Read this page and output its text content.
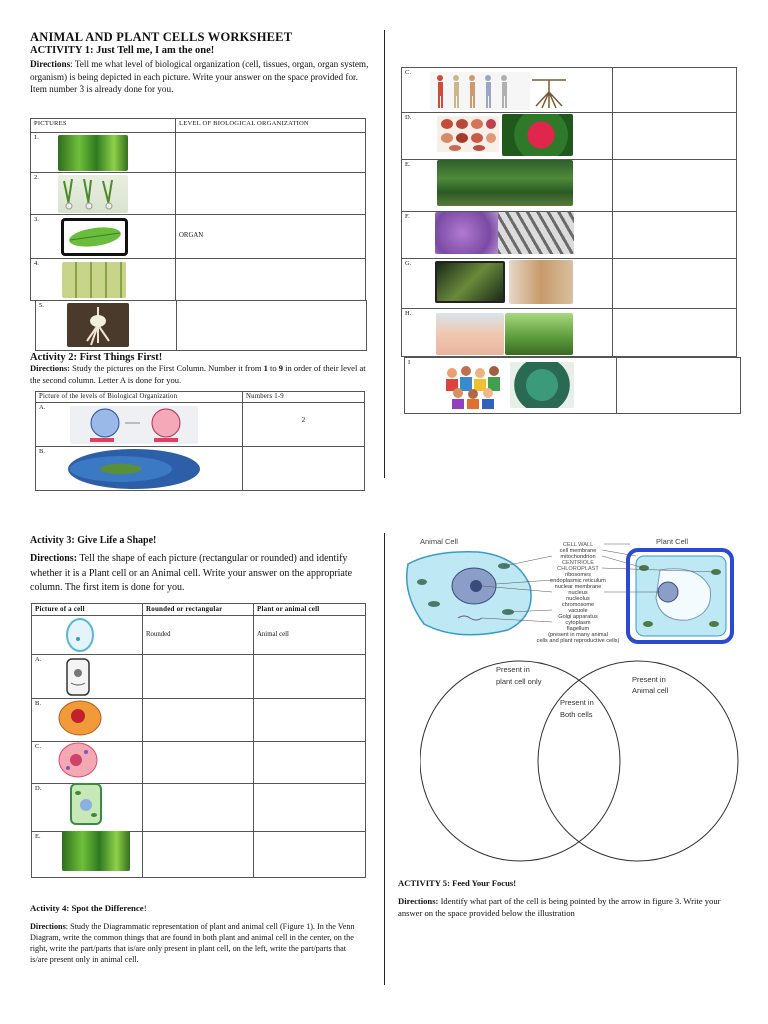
ANIMAL AND PLANT CELLS WORKSHEET
ACTIVITY 1: Just Tell me, I am the one!
Directions: Tell me what level of biological organization (cell, tissues, organ, organ system, organism) is being depicted in each picture. Write your answer on the space provided for. Item number 3 is already done for you.
PICTURES	LEVEL OF BIOLOGICAL ORGANIZATION

1.	

2.	

3.	ORGAN

4.	

5.

Activity 2: First Things First!
Directions: Study the pictures on the First Column. Number it from 1 to 9 in order of their level at the second column. Letter A is done for you.
Picture of the levels of Biological Organization	Numbers 1-9

A.	2

B.	

C.	

D.	

E.	

F.	

G.	

H.	

I

Activity 3: Give Life a Shape!
Directions: Tell the shape of each picture (rectangular or rounded) and identify whether it is a Plant cell or an Animal cell. Write your answer on the appropriate column. The first item is done for you.
Picture of a cell	Rounded or rectangular	Plant or animal cell

	Rounded	Animal cell

A.		

B.		

C.		

D.		

E.		

Activity 4: Spot the Difference!
Directions: Study the Diagrammatic representation of plant and animal cell (Figure 1). In the Venn Diagram, write the common things that are found in both plant and animal cell in the center, on the right, write the part/parts that is/are only present in plant cell, on the left, write the part/parts that is/are present only in animal cell.
Animal Cell	Plant Cell
CELL WALL
cell membrane
mitochondrion
CENTRIOLE
CHLOROPLAST
ribosomes
endoplasmic reticulum
nuclear membrane
nucleus
nucleolus
chromosome
vacuole
Golgi apparatus
cytoplasm
flagellum
(present in many animal
cells and plant reproductive cells)
Present in
plant cell only	Present in
Animal cell
Present in
Both cells
ACTIVITY 5: Feed Your Focus!
Directions: Identify what part of the cell is being pointed by the arrow in figure 3. Write your answer on the space provided below the illustration
